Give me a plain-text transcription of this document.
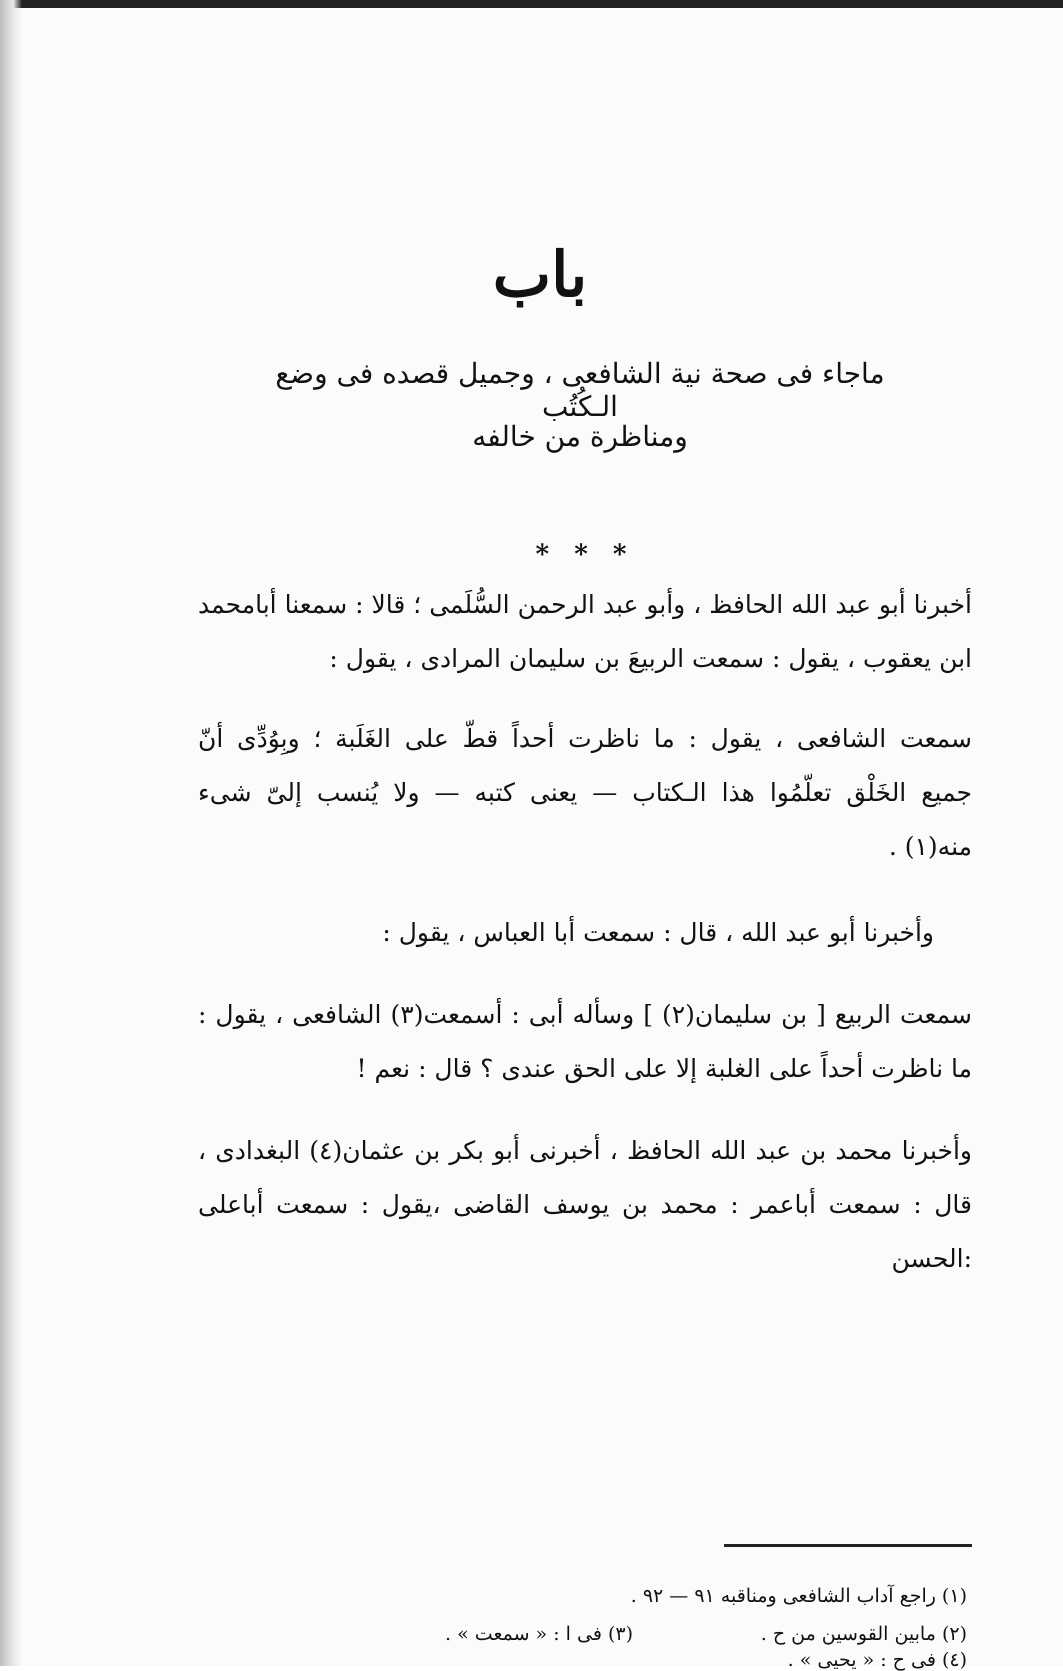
باب
ماجاء فى صحة نية الشافعى ، وجميل قصده فى وضع الـكُتُب
ومناظرة من خالفه
* * *
أخبرنا أبو عبد الله الحافظ ، وأبو عبد الرحمن السُّلَمى ؛ قالا : سمعنا أبامحمد
ابن يعقوب ، يقول : سمعت الربيعَ بن سليمان المرادى ، يقول :
سمعت الشافعى ، يقول : ما ناظرت أحداً قطّ على الغَلَبة ؛ وبِوُدِّى أنّ
جميع الخَلْق تعلّمُوا هذا الـكتاب — يعنى كتبه — ولا يُنسب إلىّ شىء
منه(١) .
وأخبرنا أبو عبد الله ، قال : سمعت أبا العباس ، يقول :
سمعت الربيع [ بن سليمان(٢) ] وسأله أبى : أسمعت(٣) الشافعى ، يقول :
ما ناظرت أحداً على الغلبة إلا على الحق عندى ؟ قال : نعم !
وأخبرنا محمد بن عبد الله الحافظ ، أخبرنى أبو بكر بن عثمان(٤) البغدادى ،
قال : سمعت أباعمر : محمد بن يوسف القاضى ،يقول : سمعت أباعلى :الحسن
(١) راجع آداب الشافعى ومناقبه ٩١ — ٩٢ .
(٢) مابين القوسين من ح .
(٣) فى ا : « سمعت » .
(٤) فى ح : « يحيى » .
